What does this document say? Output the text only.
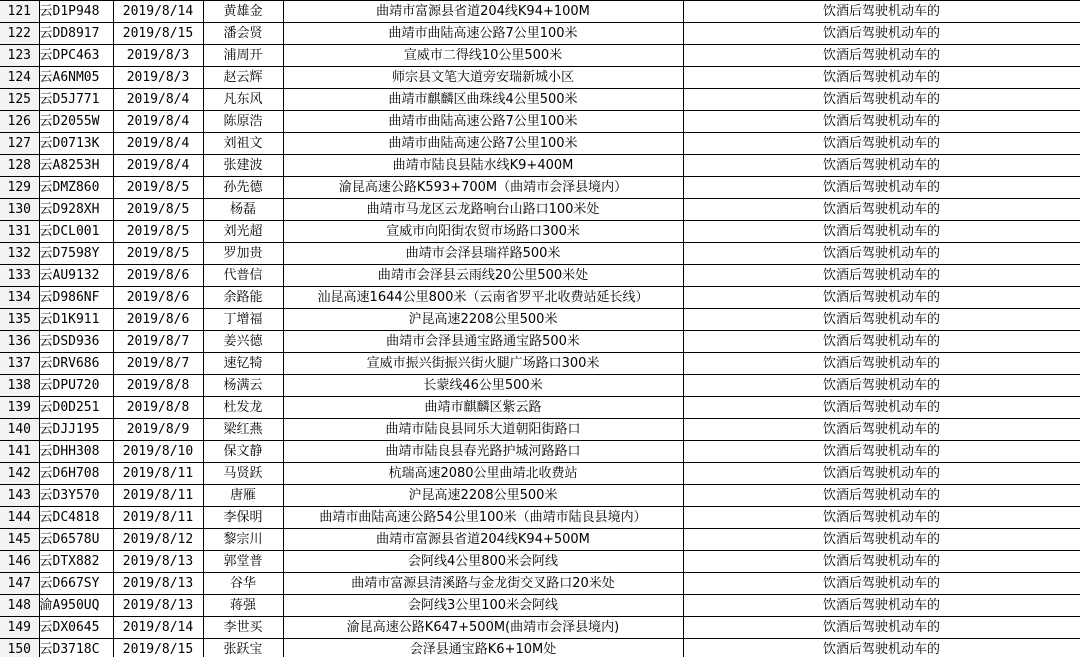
121	云D1P948	2019/8/14	黄雄金	曲靖市富源县省道204线K94+100M	饮酒后驾驶机动车的
122	云DD8917	2019/8/15	潘会贤	曲靖市曲陆高速公路7公里100米	饮酒后驾驶机动车的
123	云DPC463	2019/8/3	浦周开	宣威市二得线10公里500米	饮酒后驾驶机动车的
124	云A6NM05	2019/8/3	赵云辉	师宗县文笔大道旁安瑞新城小区	饮酒后驾驶机动车的
125	云D5J771	2019/8/4	凡东风	曲靖市麒麟区曲珠线4公里500米	饮酒后驾驶机动车的
126	云D2055W	2019/8/4	陈原浩	曲靖市曲陆高速公路7公里100米	饮酒后驾驶机动车的
127	云D0713K	2019/8/4	刘祖文	曲靖市曲陆高速公路7公里100米	饮酒后驾驶机动车的
128	云A8253H	2019/8/4	张建波	曲靖市陆良县陆水线K9+400M	饮酒后驾驶机动车的
129	云DMZ860	2019/8/5	孙先德	渝昆高速公路K593+700M（曲靖市会泽县境内）	饮酒后驾驶机动车的
130	云D928XH	2019/8/5	杨磊	曲靖市马龙区云龙路响台山路口100米处	饮酒后驾驶机动车的
131	云DCL001	2019/8/5	刘光超	宣威市向阳街农贸市场路口300米	饮酒后驾驶机动车的
132	云D7598Y	2019/8/5	罗加贵	曲靖市会泽县瑞祥路500米	饮酒后驾驶机动车的
133	云AU9132	2019/8/6	代普信	曲靖市会泽县云雨线20公里500米处	饮酒后驾驶机动车的
134	云D986NF	2019/8/6	余路能	汕昆高速1644公里800米（云南省罗平北收费站延长线）	饮酒后驾驶机动车的
135	云D1K911	2019/8/6	丁增福	沪昆高速2208公里500米	饮酒后驾驶机动车的
136	云DSD936	2019/8/7	姜兴德	曲靖市会泽县通宝路通宝路500米	饮酒后驾驶机动车的
137	云DRV686	2019/8/7	速钇犄	宣威市振兴街振兴街火腿广场路口300米	饮酒后驾驶机动车的
138	云DPU720	2019/8/8	杨满云	长蒙线46公里500米	饮酒后驾驶机动车的
139	云D0D251	2019/8/8	杜发龙	曲靖市麒麟区紫云路	饮酒后驾驶机动车的
140	云DJJ195	2019/8/9	梁红燕	曲靖市陆良县同乐大道朝阳街路口	饮酒后驾驶机动车的
141	云DHH308	2019/8/10	保文静	曲靖市陆良县春光路护城河路路口	饮酒后驾驶机动车的
142	云D6H708	2019/8/11	马贤跃	杭瑞高速2080公里曲靖北收费站	饮酒后驾驶机动车的
143	云D3Y570	2019/8/11	唐雁	沪昆高速2208公里500米	饮酒后驾驶机动车的
144	云DC4818	2019/8/11	李保明	曲靖市曲陆高速公路54公里100米（曲靖市陆良县境内）	饮酒后驾驶机动车的
145	云D6578U	2019/8/12	黎宗川	曲靖市富源县省道204线K94+500M	饮酒后驾驶机动车的
146	云DTX882	2019/8/13	郭堂普	会阿线4公里800米会阿线	饮酒后驾驶机动车的
147	云D667SY	2019/8/13	谷华	曲靖市富源县清溪路与金龙街交叉路口20米处	饮酒后驾驶机动车的
148	渝A950UQ	2019/8/13	蒋强	会阿线3公里100米会阿线	饮酒后驾驶机动车的
149	云DX0645	2019/8/14	李世买	渝昆高速公路K647+500M(曲靖市会泽县境内)	饮酒后驾驶机动车的
150	云D3718C	2019/8/15	张跃宝	会泽县通宝路K6+10M处	饮酒后驾驶机动车的
